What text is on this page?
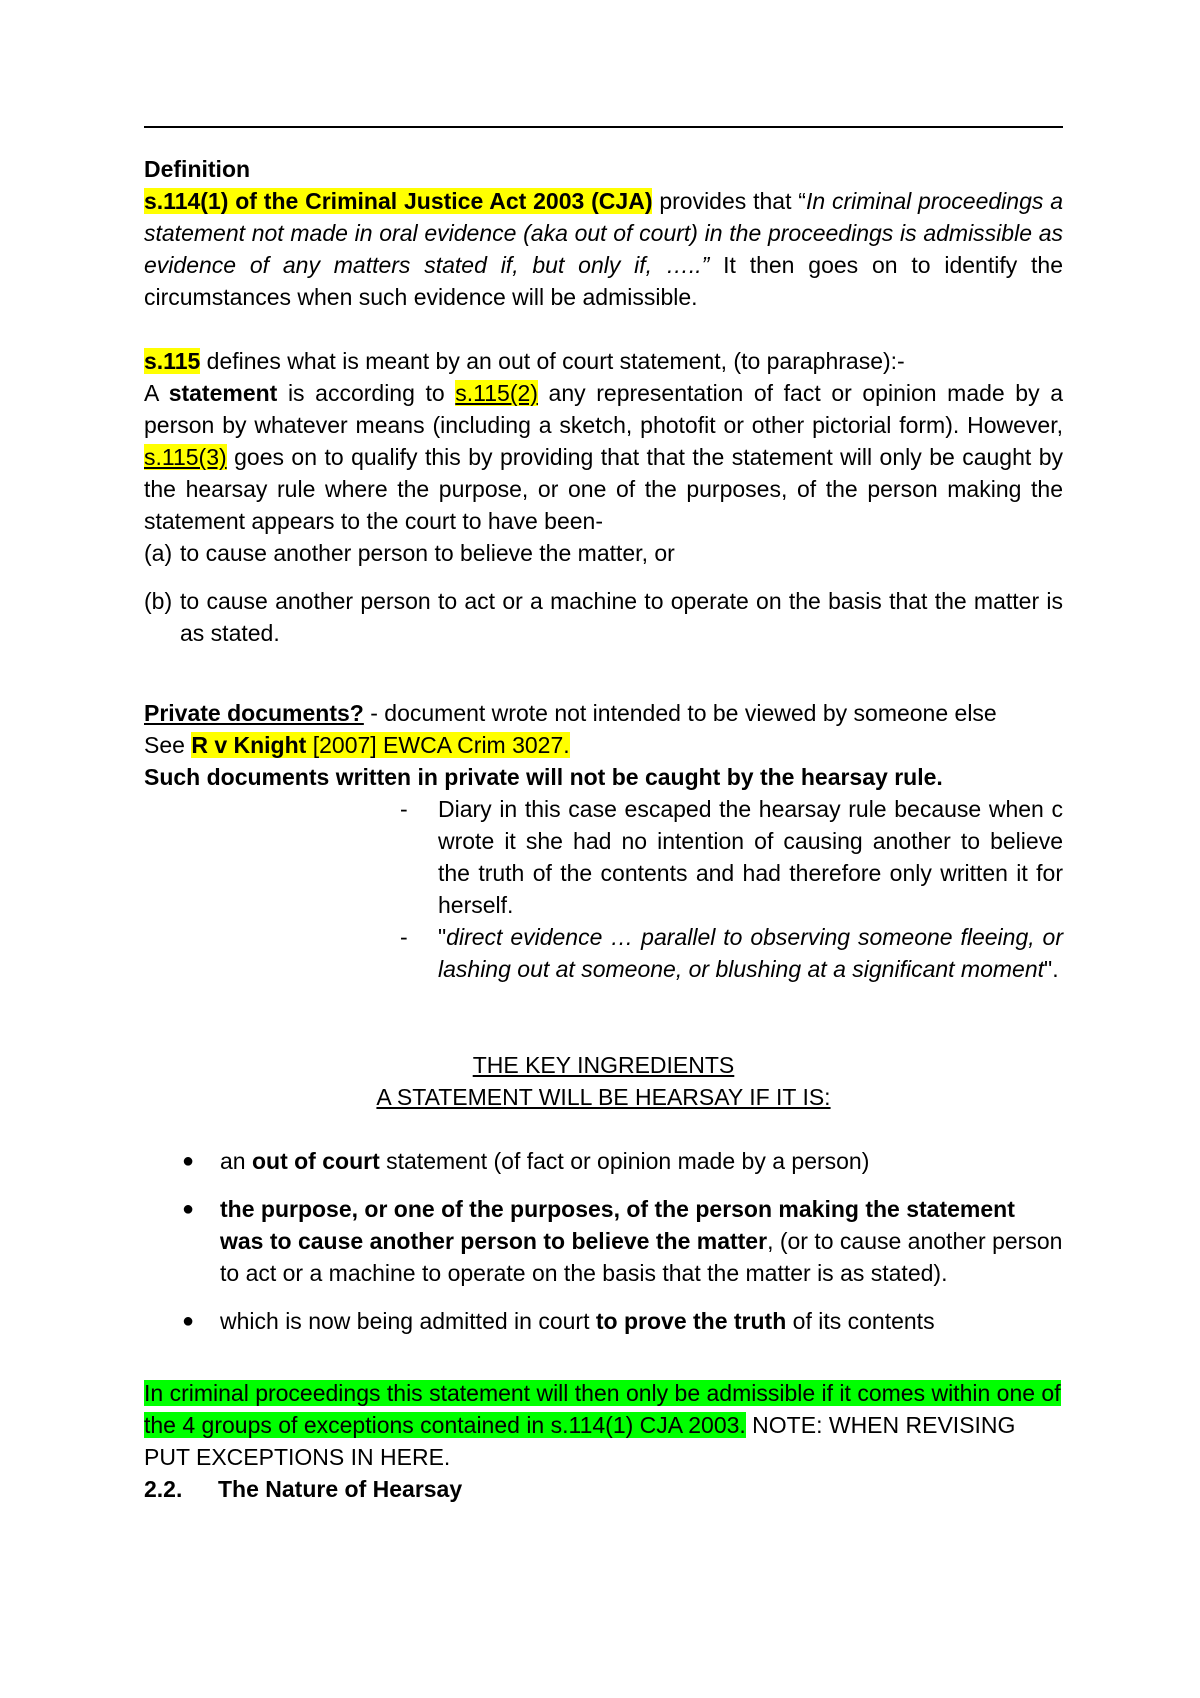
Definition

s.114(1) of the Criminal Justice Act 2003 (CJA) provides that “In criminal proceedings a statement not made in oral evidence (aka out of court) in the proceedings is admissible as evidence of any matters stated if, but only if, …..” It then goes on to identify the circumstances when such evidence will be admissible.

s.115 defines what is meant by an out of court statement, (to paraphrase):-

A statement is according to s.115(2) any representation of fact or opinion made by a person by whatever means (including a sketch, photofit or other pictorial form). However, s.115(3) goes on to qualify this by providing that that the statement will only be caught by the hearsay rule where the purpose, or one of the purposes, of the person making the statement appears to the court to have been-

(a) to cause another person to believe the matter, or
(b) to cause another person to act or a machine to operate on the basis that the matter is as stated.

Private documents? - document wrote not intended to be viewed by someone else

See R v Knight [2007] EWCA Crim 3027.

Such documents written in private will not be caught by the hearsay rule.

-	Diary in this case escaped the hearsay rule because when c wrote it she had no intention of causing another to believe the truth of the contents and had therefore only written it for herself.
-	"direct evidence … parallel to observing someone fleeing, or lashing out at someone, or blushing at a significant moment".

THE KEY INGREDIENTS

A STATEMENT WILL BE HEARSAY IF IT IS:

●	an out of court statement (of fact or opinion made by a person)
●	the purpose, or one of the purposes, of the person making the statement was to cause another person to believe the matter, (or to cause another person to act or a machine to operate on the basis that the matter is as stated).
●	which is now being admitted in court to prove the truth of its contents

In criminal proceedings this statement will then only be admissible if it comes within one of the 4 groups of exceptions contained in s.114(1) CJA 2003. NOTE: WHEN REVISING PUT EXCEPTIONS IN HERE.

2.2.	The Nature of Hearsay
